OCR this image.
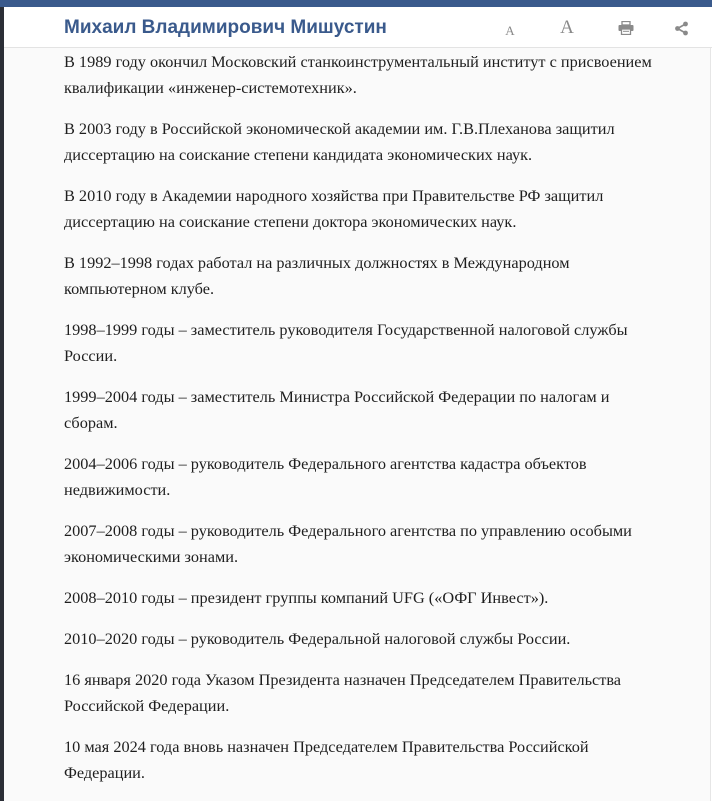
Михаил Владимирович Мишустин	A A

В 1989 году окончил Московский станкоинструментальный институт с присвоением квалификации «инженер-системотехник».

В 2003 году в Российской экономической академии им. Г.В.Плеханова защитил диссертацию на соискание степени кандидата экономических наук.

В 2010 году в Академии народного хозяйства при Правительстве РФ защитил диссертацию на соискание степени доктора экономических наук.

В 1992–1998 годах работал на различных должностях в Международном компьютерном клубе.

1998–1999 годы – заместитель руководителя Государственной налоговой службы России.

1999–2004 годы – заместитель Министра Российской Федерации по налогам и сборам.

2004–2006 годы – руководитель Федерального агентства кадастра объектов недвижимости.

2007–2008 годы – руководитель Федерального агентства по управлению особыми экономическими зонами.

2008–2010 годы – президент группы компаний UFG («ОФГ Инвест»).

2010–2020 годы – руководитель Федеральной налоговой службы России.

16 января 2020 года Указом Президента назначен Председателем Правительства Российской Федерации.

10 мая 2024 года вновь назначен Председателем Правительства Российской Федерации.
